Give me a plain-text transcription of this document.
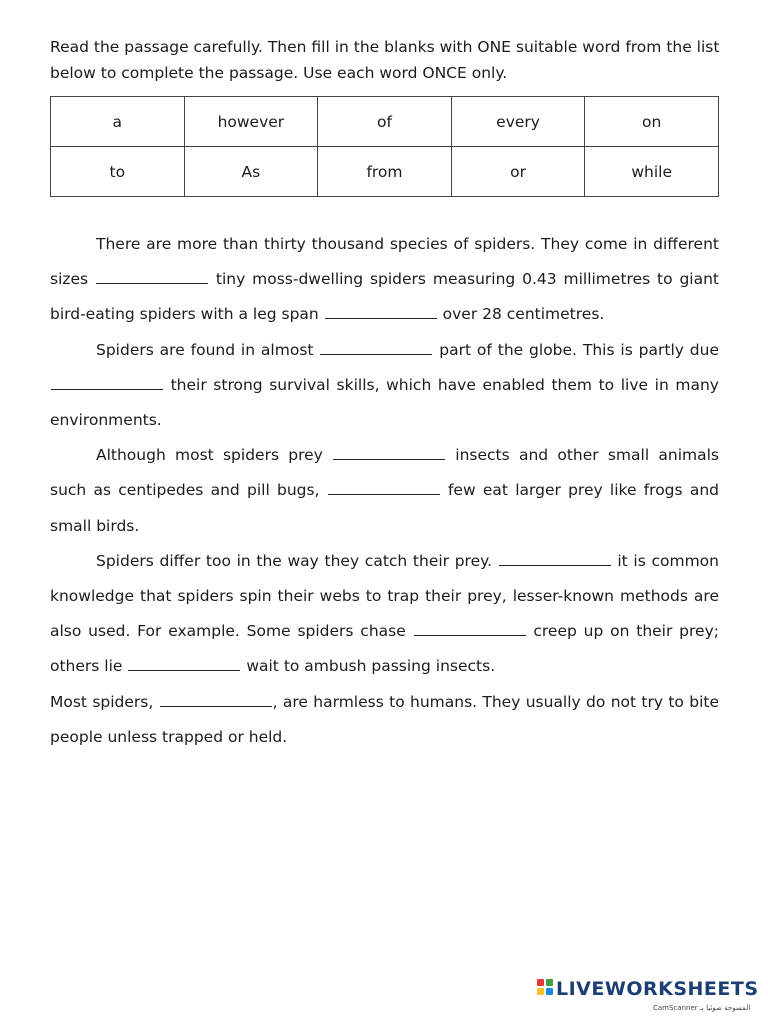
Read the passage carefully. Then fill in the blanks with ONE suitable word from the list below to complete the passage. Use each word ONCE only.

a	however	of	every	on
to	As	from	or	while

There are more than thirty thousand species of spiders. They come in different sizes	tiny moss-dwelling spiders measuring 0.43 millimetres to giant bird-eating spiders with a leg span	over 28 centimetres.

Spiders are found in almost	part of the globe. This is partly due  their strong survival skills, which have enabled them to live in many environments.

Although most spiders prey	insects and other small animals such as centipedes and pill bugs,	few eat larger prey like frogs and small birds.

Spiders differ too in the way they catch their prey.	it is common knowledge that spiders spin their webs to trap their prey, lesser-known methods are also used. For example. Some spiders chase	creep up on their prey; others lie	wait to ambush passing insects.

Most spiders,	, are harmless to humans. They usually do not try to bite people unless trapped or held.

LIVEWORKSHEETS
CamScanner المسوحة ضوئيا بـ
